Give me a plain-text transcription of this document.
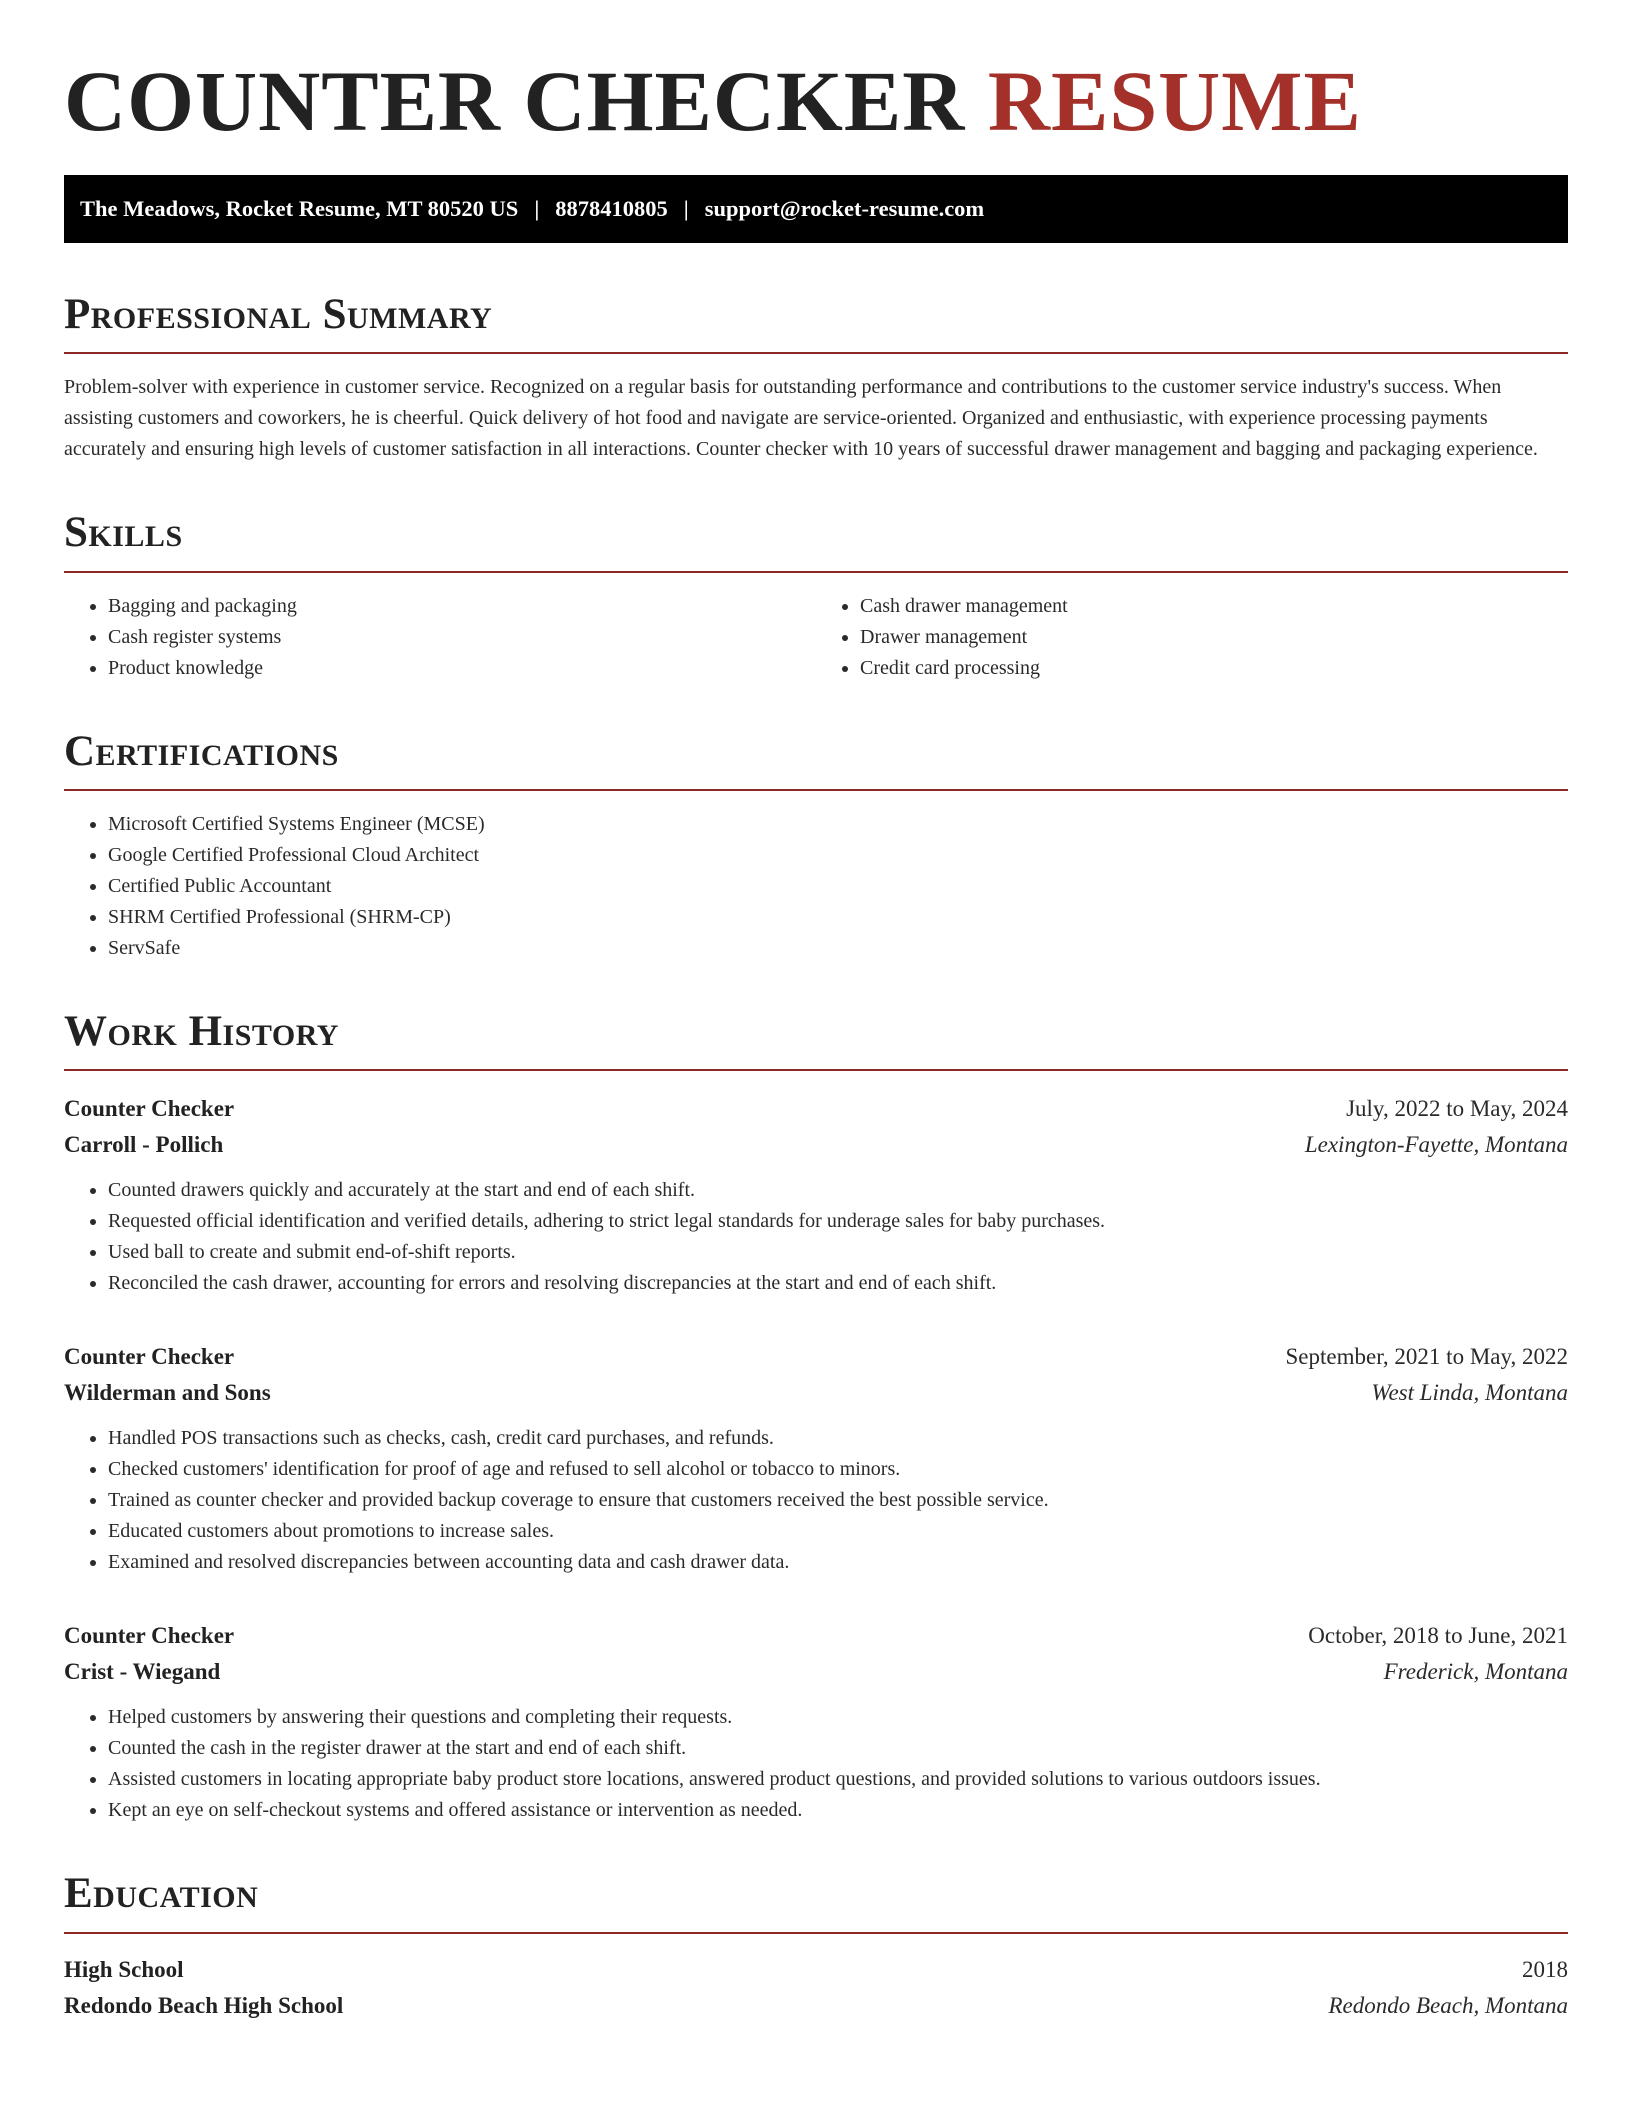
COUNTER CHECKER RESUME
The Meadows, Rocket Resume, MT 80520 US | 8878410805 | support@rocket-resume.com
Professional Summary

Problem-solver with experience in customer service. Recognized on a regular basis for outstanding performance and contributions to the customer service industry's success. When assisting customers and coworkers, he is cheerful. Quick delivery of hot food and navigate are service-oriented. Organized and enthusiastic, with experience processing payments accurately and ensuring high levels of customer satisfaction in all interactions. Counter checker with 10 years of successful drawer management and bagging and packaging experience.

Skills
• Bagging and packaging
• Cash register systems
• Product knowledge
• Cash drawer management
• Drawer management
• Credit card processing
Certifications
• Microsoft Certified Systems Engineer (MCSE)
• Google Certified Professional Cloud Architect
• Certified Public Accountant
• SHRM Certified Professional (SHRM-CP)
• ServSafe
Work History
Counter Checker	July, 2022 to May, 2024
Carroll - Pollich	Lexington-Fayette, Montana
• Counted drawers quickly and accurately at the start and end of each shift.
• Requested official identification and verified details, adhering to strict legal standards for underage sales for baby purchases.
• Used ball to create and submit end-of-shift reports.
• Reconciled the cash drawer, accounting for errors and resolving discrepancies at the start and end of each shift.
Counter Checker	September, 2021 to May, 2022
Wilderman and Sons	West Linda, Montana
• Handled POS transactions such as checks, cash, credit card purchases, and refunds.
• Checked customers' identification for proof of age and refused to sell alcohol or tobacco to minors.
• Trained as counter checker and provided backup coverage to ensure that customers received the best possible service.
• Educated customers about promotions to increase sales.
• Examined and resolved discrepancies between accounting data and cash drawer data.
Counter Checker	October, 2018 to June, 2021
Crist - Wiegand	Frederick, Montana
• Helped customers by answering their questions and completing their requests.
• Counted the cash in the register drawer at the start and end of each shift.
• Assisted customers in locating appropriate baby product store locations, answered product questions, and provided solutions to various outdoors issues.
• Kept an eye on self-checkout systems and offered assistance or intervention as needed.
Education
High School	2018
Redondo Beach High School	Redondo Beach, Montana
